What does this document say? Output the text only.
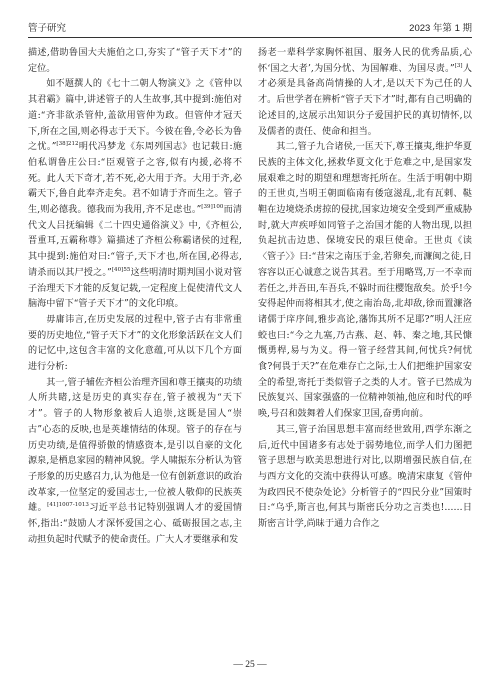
管子研究	2023 年第 1 期

描述,借助鲁国大夫施伯之口,夯实了“管子天下才”的定位。

如不题撰人的《七十二朝人物演义》之《管仲以其君霸》篇中,讲述管子的人生故事,其中提到:施伯对道:“齐非欲杀管仲,盖欲用管仲为政。但管仲才冠天下,所在之国,则必得志于天下。今彼在鲁,令必长为鲁之忧。”$^{[38]212}$明代冯梦龙《东周列国志》也记载日:施伯私谓鲁庄公曰:“臣观管子之容,似有内援,必将不死。此人天下奇才,若不死,必大用于齐。大用于齐,必霸天下,鲁自此奉齐走矣。君不如请于齐而生之。管子生,则必德我。德我而为我用,齐不足虑也。”$^{[39]100}$而清代文人吕抚编辑《二十四史通俗演义》中,《齐桓公,晋重耳,五霸称尊》篇描述了齐桓公称霸诸侯的过程,其中提到:施伯对曰:“管子,天下才也,所在国,必得志,请杀而以其尸授之。”$^{[40]55}$这些明清时期判国小说对管子治理天下才能的反复记载,一定程度上促使清代文人脑海中留下“管子天下才”的文化印痕。

毋庸讳言,在历史发展的过程中,管子古有非常重要的历史地位,“管子天下才”的文化形象活跃在文人们的记忆中,这包含丰富的文化意蕴,可从以下几个方面进行分析:

其一,管子辅佐齐桓公治理齐国和尊王攘夷的功绩人所共睹,这是历史的真实存在,管子被视为“天下才”。管子的人物形象被后人追崇,这既是国人“崇古”心态的反映,也是英雄情结的体现。管子的存在与历史功绩,是值得骄傲的情感资本,是引以自豪的文化源泉,是栖息家园的精神风貌。学人啸振东分析认为管子形象的历史感召力,认为他是一位有创新意识的政治改革家,一位坚定的爱国志士,一位被人敬仰的民族英雄。$^{[41]1007-1013}$习近平总书记特别强调人才的爱国情怀,指出:“鼓励人才深怀爱国之心、砥砺报国之志,主动担负起时代赋予的使命责任。广大人才要继承和发

扬老一辈科学家胸怀祖国、服务人民的优秀品质,心怀‘国之大者’,为国分忧、为国解难、为国尽责。”[3]人才必须是具备高尚情操的人才,是以天下为己任的人才。后世学者在辨析“管子天下才”时,都有自己明确的论述目的,这展示出知识分子爱国护民的真切情怀,以及儒者的责任、使命和担当。

其二,管子九合诸侯,一匡天下,尊王攘夷,维护华夏民族的主体文化,拯救华夏文化于危难之中,是国家发展艰难之时的期望和理想寄托所在。生活于明朝中期的王世贞,当明王朝面临南有倭寇滋乱,北有瓦剌、鞑靼在边境烧杀虏掠的侵扰,国家边境安全受到严重威胁时,就大声疾呼如同管子之治国才能的人物出现,以担负起抗击边患、保境安民的艰巨使命。王世贞《读〈管子〉》曰:“昔宋之南压于金,若卵矣,而濂闽之徒,日容容以正心诚意之说告其君。至于用略骂,万一不幸而若任之,并吾田,车吾兵,不躲时而往樱饱敌矣。於乎!今安得起仲而将相其才,使之南治岛,北却敌,徐而置濂洛诸儒于庠序间,雅步高论,藩饰其所不足耶?”明人汪应蛟也曰:“今之九塞,乃古燕、赵、韩、秦之地,其民慷慨勇桿,易与为义。得一管子经营其间,何忧兵?何忧食?何畏于天?”在危难存亡之际,士人们把维护国家安全的希望,寄托于类似管子之类的人才。管子已然成为民族复兴、国家强盛的一位精神领袖,他应和时代的呼唤,号召和鼓舞着人们保家卫国,奋勇向前。

其三,管子治国思想丰富而经世致用,西学东渐之后,近代中国诸多有志处于弱势地位,而学人们力图把管子思想与欧美思想进行对比,以期增强民族自信,在与西方文化的交流中获得认可感。晚清宋康复《管仲为政四民不使杂处论》分析管子的“四民分业”国策时日:“乌乎,斯言也,何其与斯密氏分功之言类也!……日斯密言计学,尚昧于通力合作之

— 25 —
